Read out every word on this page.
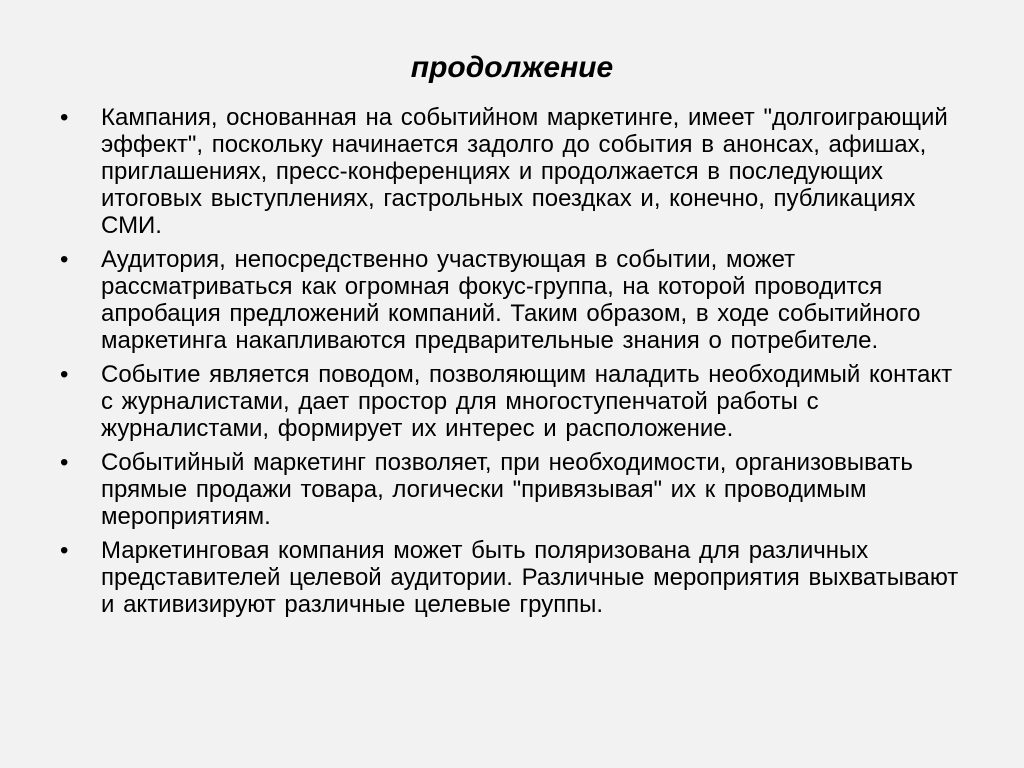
продолжение
• Кампания, основанная на событийном маркетинге, имеет "долгоиграющий эффект", поскольку начинается задолго до события в анонсах, афишах, приглашениях, пресс-конференциях и продолжается в последующих итоговых выступлениях, гастрольных поездках и, конечно, публикациях СМИ.
• Аудитория, непосредственно участвующая в событии, может рассматриваться как огромная фокус-группа, на которой проводится апробация предложений компаний. Таким образом, в ходе событийного маркетинга накапливаются предварительные знания о потребителе.
• Событие является поводом, позволяющим наладить необходимый контакт с журналистами, дает простор для многоступенчатой работы с журналистами, формирует их интерес и расположение.
• Событийный маркетинг позволяет, при необходимости, организовывать прямые продажи товара, логически "привязывая" их к проводимым мероприятиям.
• Маркетинговая компания может быть поляризована для различных представителей целевой аудитории. Различные мероприятия выхватывают и активизируют различные целевые группы.
